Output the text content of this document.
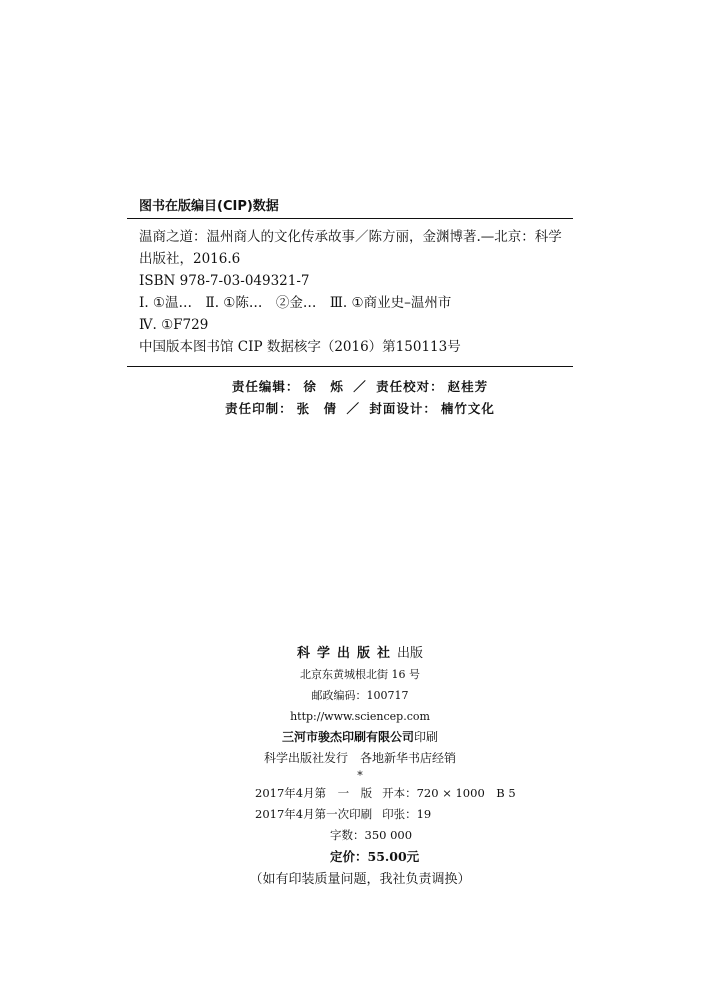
图书在版编目(CIP)数据
温商之道：温州商人的文化传承故事／陈方丽，金渊博著.—北京：科学出版社，2016.6
ISBN 978-7-03-049321-7
Ⅰ. ①温…　Ⅱ. ①陈…　②金…　Ⅲ. ①商业史–温州市
Ⅳ. ①F729
中国版本图书馆 CIP 数据核字（2016）第150113号
责任编辑： 徐　烁 ／ 责任校对： 赵桂芳
责任印制： 张　倩 ／ 封面设计： 楠竹文化
科学出版社出版
北京东黄城根北街 16 号
邮政编码：100717
http://www.sciencep.com
三河市骏杰印刷有限公司印刷
科学出版社发行　各地新华书店经销
*
2017年4月第　一　版 开本：720 × 1000　B 5
2017年4月第一次印刷 印张：19
字数：350 000
定价：55.00元
（如有印装质量问题，我社负责调换）
